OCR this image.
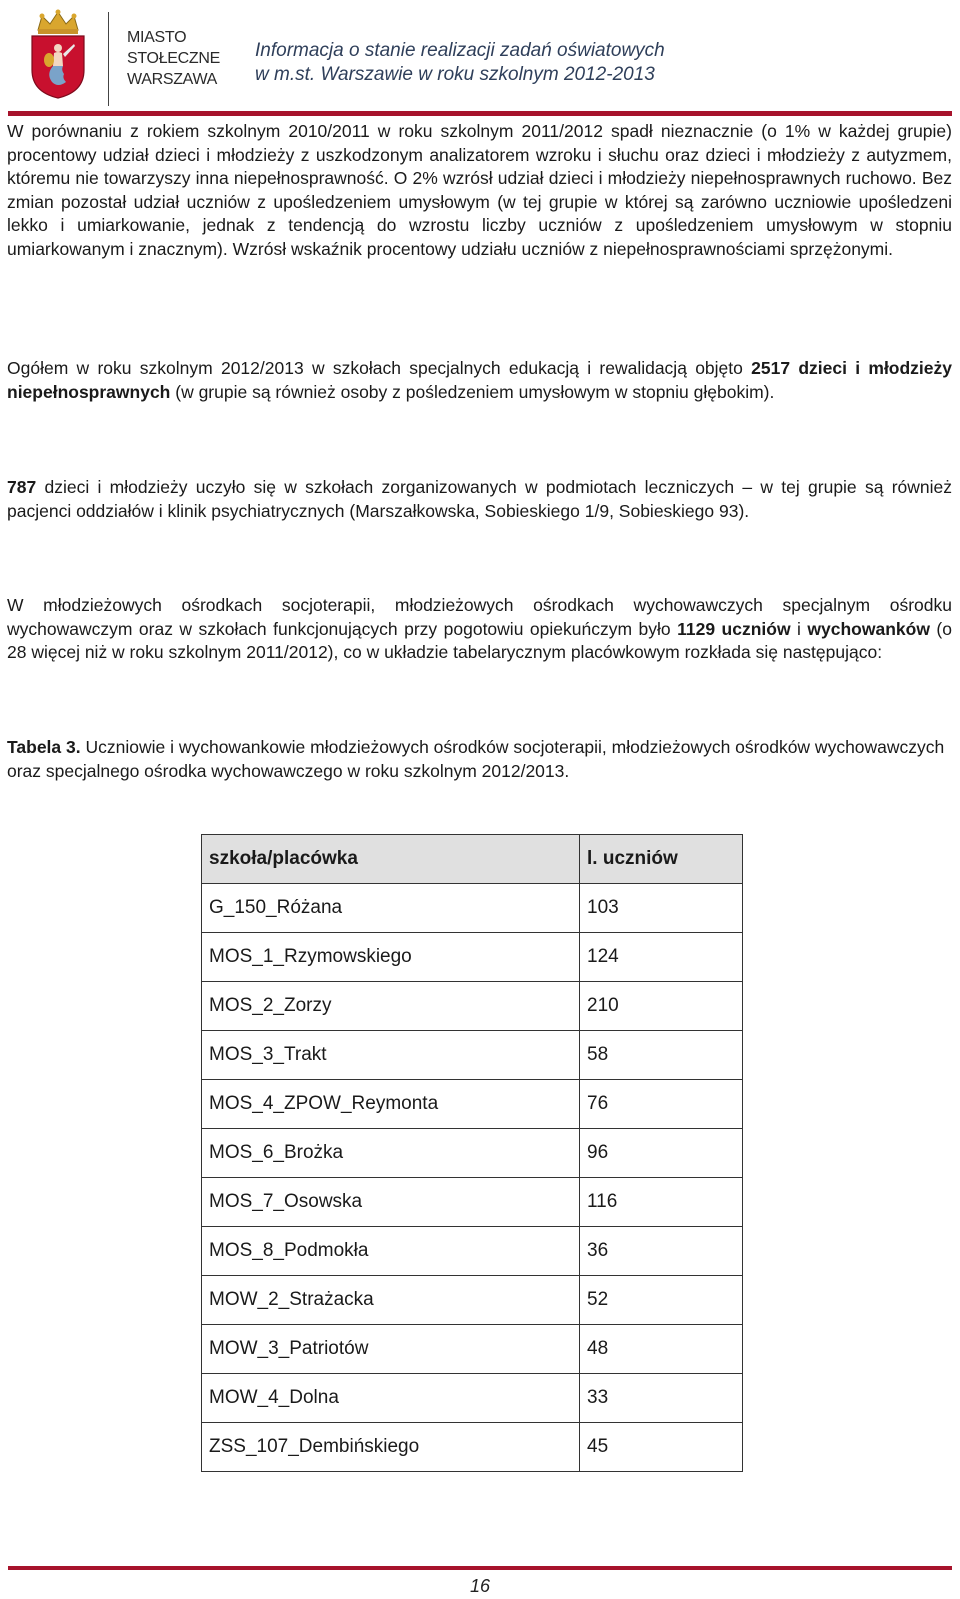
MIASTO
STOŁECZNE
WARSZAWA
Informacja o stanie realizacji zadań oświatowych
w m.st. Warszawie w roku szkolnym 2012-2013

W porównaniu z rokiem szkolnym 2010/2011 w roku szkolnym 2011/2012 spadł nieznacznie (o 1% w każdej grupie) procentowy udział dzieci i młodzieży z uszkodzonym analizatorem wzroku i słuchu oraz dzieci i młodzieży z autyzmem, któremu nie towarzyszy inna niepełnosprawność. O 2% wzrósł udział dzieci i młodzieży niepełnosprawnych ruchowo. Bez zmian pozostał udział uczniów z upośledzeniem umysłowym (w tej grupie w której są zarówno uczniowie upośledzeni lekko i umiarkowanie, jednak z tendencją do wzrostu liczby uczniów z upośledzeniem umysłowym w stopniu umiarkowanym i znacznym). Wzrósł wskaźnik procentowy udziału uczniów z niepełnosprawnościami sprzężonymi.

Ogółem w roku szkolnym 2012/2013 w szkołach specjalnych edukacją i rewalidacją objęto 2517 dzieci i młodzieży niepełnosprawnych (w grupie są również osoby z pośledzeniem umysłowym w stopniu głębokim).

787 dzieci i młodzieży uczyło się w szkołach zorganizowanych w podmiotach leczniczych – w tej grupie są również pacjenci oddziałów i klinik psychiatrycznych (Marszałkowska, Sobieskiego 1/9, Sobieskiego 93).

W młodzieżowych ośrodkach socjoterapii, młodzieżowych ośrodkach wychowawczych specjalnym ośrodku wychowawczym oraz w szkołach funkcjonujących przy pogotowiu opiekuńczym było 1129 uczniów i wychowanków (o 28 więcej niż w roku szkolnym 2011/2012), co w układzie tabelarycznym placówkowym rozkłada się następująco:

Tabela 3. Uczniowie i wychowankowie młodzieżowych ośrodków socjoterapii, młodzieżowych ośrodków wychowawczych oraz specjalnego ośrodka wychowawczego w roku szkolnym 2012/2013.

szkoła/placówka	l. uczniów
G_150_Różana	103
MOS_1_Rzymowskiego	124
MOS_2_Zorzy	210
MOS_3_Trakt	58
MOS_4_ZPOW_Reymonta	76
MOS_6_Brożka	96
MOS_7_Osowska	116
MOS_8_Podmokła	36
MOW_2_Strażacka	52
MOW_3_Patriotów	48
MOW_4_Dolna	33
ZSS_107_Dembińskiego	45
16
